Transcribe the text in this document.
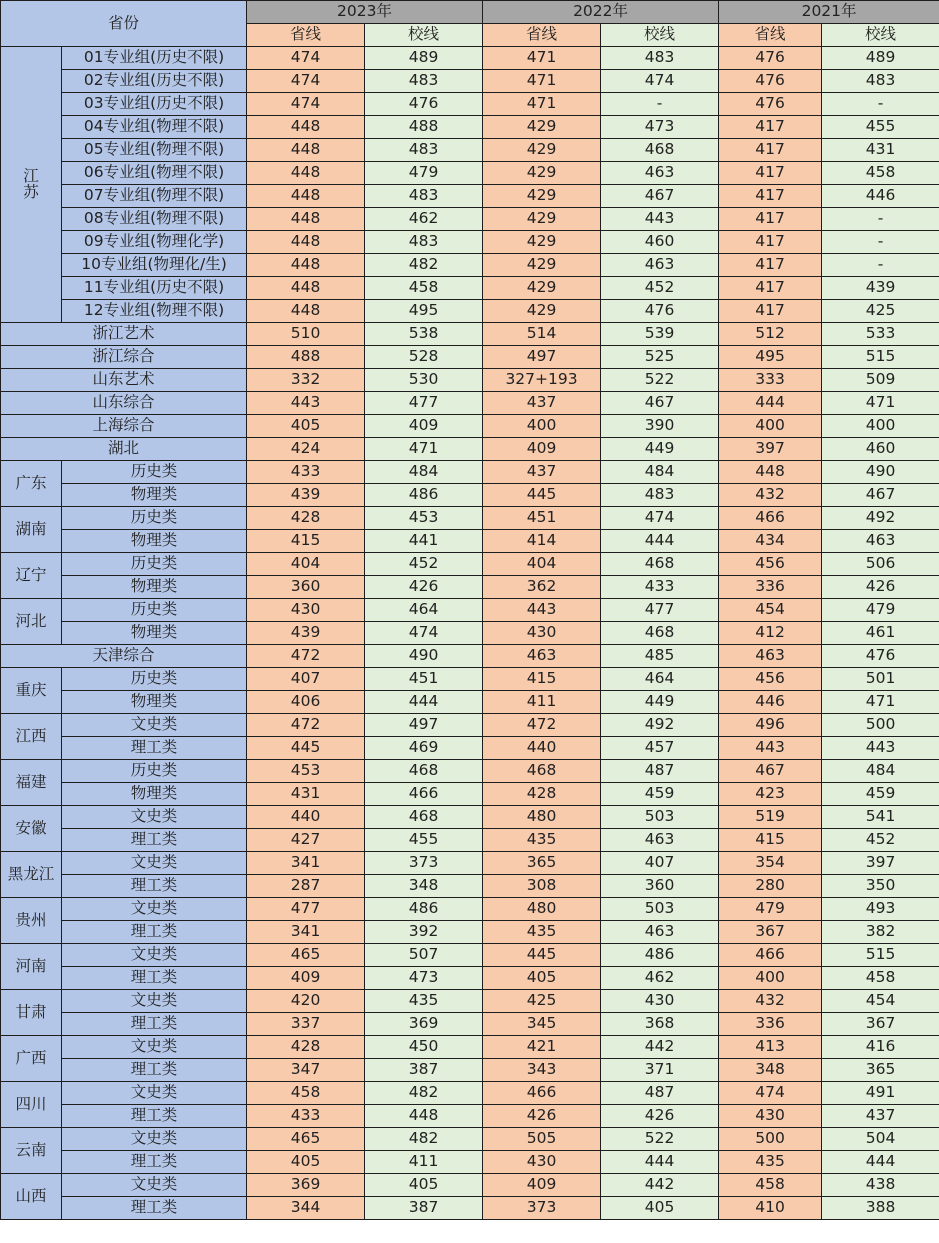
省份		2023年		2022年		2021年	
		省线	校线	省线	校线	省线	校线
江苏	01专业组(历史不限)	474	489	471	483	476	489
	02专业组(历史不限)	474	483	471	474	476	483
	03专业组(历史不限)	474	476	471	-	476	-
	04专业组(物理不限)	448	488	429	473	417	455
	05专业组(物理不限)	448	483	429	468	417	431
	06专业组(物理不限)	448	479	429	463	417	458
	07专业组(物理不限)	448	483	429	467	417	446
	08专业组(物理不限)	448	462	429	443	417	-
	09专业组(物理化学)	448	483	429	460	417	-
	10专业组(物理化/生)	448	482	429	463	417	-
	11专业组(历史不限)	448	458	429	452	417	439
	12专业组(物理不限)	448	495	429	476	417	425
浙江艺术		510	538	514	539	512	533
浙江综合		488	528	497	525	495	515
山东艺术		332	530	327+193	522	333	509
山东综合		443	477	437	467	444	471
上海综合		405	409	400	390	400	400
湖北		424	471	409	449	397	460
广东	历史类	433	484	437	484	448	490
	物理类	439	486	445	483	432	467
湖南	历史类	428	453	451	474	466	492
	物理类	415	441	414	444	434	463
辽宁	历史类	404	452	404	468	456	506
	物理类	360	426	362	433	336	426
河北	历史类	430	464	443	477	454	479
	物理类	439	474	430	468	412	461
天津综合		472	490	463	485	463	476
重庆	历史类	407	451	415	464	456	501
	物理类	406	444	411	449	446	471
江西	文史类	472	497	472	492	496	500
	理工类	445	469	440	457	443	443
福建	历史类	453	468	468	487	467	484
	物理类	431	466	428	459	423	459
安徽	文史类	440	468	480	503	519	541
	理工类	427	455	435	463	415	452
黑龙江	文史类	341	373	365	407	354	397
	理工类	287	348	308	360	280	350
贵州	文史类	477	486	480	503	479	493
	理工类	341	392	435	463	367	382
河南	文史类	465	507	445	486	466	515
	理工类	409	473	405	462	400	458
甘肃	文史类	420	435	425	430	432	454
	理工类	337	369	345	368	336	367
广西	文史类	428	450	421	442	413	416
	理工类	347	387	343	371	348	365
四川	文史类	458	482	466	487	474	491
	理工类	433	448	426	426	430	437
云南	文史类	465	482	505	522	500	504
	理工类	405	411	430	444	435	444
山西	文史类	369	405	409	442	458	438
	理工类	344	387	373	405	410	388
